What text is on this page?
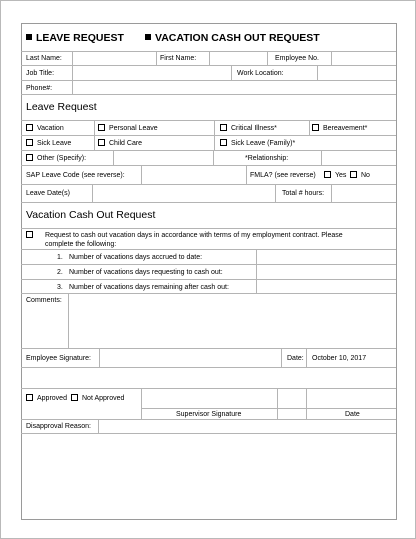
LEAVE REQUEST	VACATION CASH OUT REQUEST
Last Name:	First Name:	Employee No.
Job Title:	Work Location:
Phone#:
Leave Request
Vacation	Personal Leave	Critical Illness*	Bereavement*
Sick Leave	Child Care	Sick Leave (Family)*
Other (Specify):	*Relationship:
SAP Leave Code (see reverse):	FMLA? (see reverse)	Yes	No
Leave Date(s)	Total # hours:
Vacation Cash Out Request
Request to cash out vacation days in accordance with terms of my employment contract. Please
complete the following:
1. Number of vacations days accrued to date:
2. Number of vacations days requesting to cash out:
3. Number of vacations days remaining after cash out:
Comments:
Employee Signature:	Date: October 10, 2017
Approved	Not Approved
Supervisor Signature	Date
Disapproval Reason:
